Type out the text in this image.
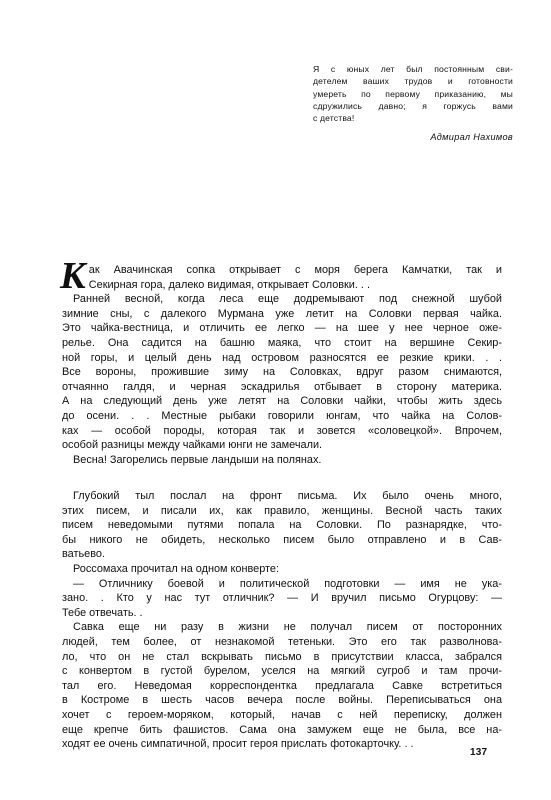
Я с юных лет был постоянным сви-
детелем ваших трудов и готовности
умереть по первому приказанию, мы
сдружились давно; я горжусь вами
с детства!
Адмирал Нахимов
К ак Авачинская сопка открывает с моря берега Камчатки, так и
Секирная гора, далеко видимая, открывает Соловки. . .
Ранней весной, когда леса еще додремывают под снежной шубой
зимние сны, с далекого Мурмана уже летит на Соловки первая чайка.
Это чайка-вестница, и отличить ее легко — на шее у нее черное оже-
релье. Она садится на башню маяка, что стоит на вершине Секир-
ной горы, и целый день над островом разносятся ее резкие крики. . .
Все вороны, прожившие зиму на Соловках, вдруг разом снимаются,
отчаянно галдя, и черная эскадрилья отбывает в сторону материка.
А на следующий день уже летят на Соловки чайки, чтобы жить здесь
до осени. . . Местные рыбаки говорили юнгам, что чайка на Солов-
ках — особой породы, которая так и зовется «соловецкой». Впрочем,
особой разницы между чайками юнги не замечали.
Весна! Загорелись первые ландыши на полянах.
Глубокий тыл послал на фронт письма. Их было очень много,
этих писем, и писали их, как правило, женщины. Весной часть таких
писем неведомыми путями попала на Соловки. По разнарядке, что-
бы никого не обидеть, несколько писем было отправлено и в Сав-
ватьево.
Россомаха прочитал на одном конверте:
— Отличнику боевой и политической подготовки — имя не ука-
зано. . Кто у нас тут отличник? — И вручил письмо Огурцову: —
Тебе отвечать. .
Савка еще ни разу в жизни не получал писем от посторонних
людей, тем более, от незнакомой тетеньки. Это его так разволнова-
ло, что он не стал вскрывать письмо в присутствии класса, забрался
с конвертом в густой бурелом, уселся на мягкий сугроб и там прочи-
тал его. Неведомая корреспондентка предлагала Савке встретиться
в Костроме в шесть часов вечера после войны. Переписываться она
хочет с героем-моряком, который, начав с ней переписку, должен
еще крепче бить фашистов. Сама она замужем еще не была, все на-
ходят ее очень симпатичной, просит героя прислать фотокарточку. . .
137
